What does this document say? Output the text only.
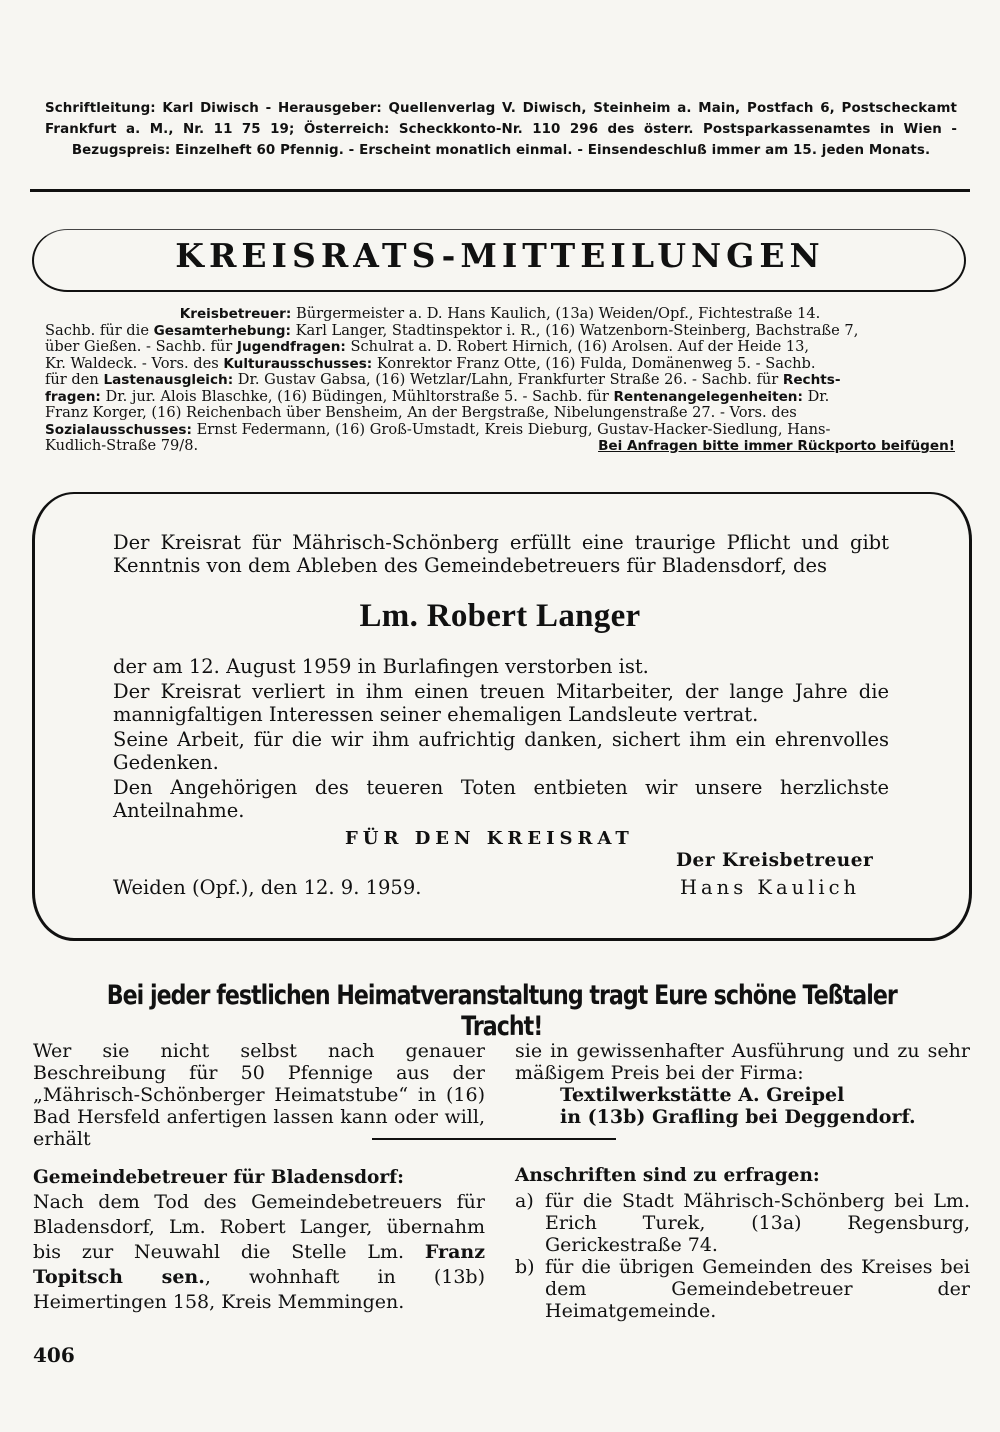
Schriftleitung: Karl Diwisch - Herausgeber: Quellenverlag V. Diwisch, Steinheim a. Main, Postfach 6, Postscheckamt Frankfurt a. M., Nr. 11 75 19; Österreich: Scheckkonto-Nr. 110 296 des österr. Postsparkassenamtes in Wien - Bezugspreis: Einzelheft 60 Pfennig. - Erscheint monatlich einmal. - Einsendeschluß immer am 15. jeden Monats.
KREISRATS-MITTEILUNGEN
Kreisbetreuer: Bürgermeister a. D. Hans Kaulich, (13a) Weiden/Opf., Fichtestraße 14.
Sachb. für die Gesamterhebung: Karl Langer, Stadtinspektor i. R., (16) Watzenborn-Steinberg, Bachstraße 7,
über Gießen. - Sachb. für Jugendfragen: Schulrat a. D. Robert Hirnich, (16) Arolsen. Auf der Heide 13,
Kr. Waldeck. - Vors. des Kulturausschusses: Konrektor Franz Otte, (16) Fulda, Domänenweg 5. - Sachb.
für den Lastenausgleich: Dr. Gustav Gabsa, (16) Wetzlar/Lahn, Frankfurter Straße 26. - Sachb. für Rechts-
fragen: Dr. jur. Alois Blaschke, (16) Büdingen, Mühltorstraße 5. - Sachb. für Rentenangelegenheiten: Dr.
Franz Korger, (16) Reichenbach über Bensheim, An der Bergstraße, Nibelungenstraße 27. - Vors. des
Sozialausschusses: Ernst Federmann, (16) Groß-Umstadt, Kreis Dieburg, Gustav-Hacker-Siedlung, Hans-
Kudlich-Straße 79/8.	Bei Anfragen bitte immer Rückporto beifügen!
Der Kreisrat für Mährisch-Schönberg erfüllt eine traurige Pflicht und gibt Kenntnis von dem Ableben des Gemeindebetreuers für Bladensdorf, des
Lm. Robert Langer
der am 12. August 1959 in Burlafingen verstorben ist.
Der Kreisrat verliert in ihm einen treuen Mitarbeiter, der lange Jahre die mannigfaltigen Interessen seiner ehemaligen Landsleute vertrat.
Seine Arbeit, für die wir ihm aufrichtig danken, sichert ihm ein ehrenvolles Gedenken.
Den Angehörigen des teueren Toten entbieten wir unsere herzlichste Anteilnahme.
FÜR DEN KREISRAT
Der Kreisbetreuer
Weiden (Opf.), den 12. 9. 1959.	Hans Kaulich
Bei jeder festlichen Heimatveranstaltung tragt Eure schöne Teßtaler Tracht!
Wer sie nicht selbst nach genauer Beschreibung für 50 Pfennige aus der „Mährisch-Schönberger Heimatstube“ in (16) Bad Hersfeld anfertigen lassen kann oder will, erhält
sie in gewissenhafter Ausführung und zu sehr mäßigem Preis bei der Firma:
Textilwerkstätte A. Greipel
in (13b) Grafling bei Deggendorf.
Gemeindebetreuer für Bladensdorf:
Nach dem Tod des Gemeindebetreuers für Bladensdorf, Lm. Robert Langer, übernahm bis zur Neuwahl die Stelle Lm. Franz Topitsch sen., wohnhaft in (13b) Heimertingen 158, Kreis Memmingen.
Anschriften sind zu erfragen:
a) für die Stadt Mährisch-Schönberg bei Lm. Erich Turek, (13a) Regensburg, Gerickestraße 74.
b) für die übrigen Gemeinden des Kreises bei dem Gemeindebetreuer der Heimatgemeinde.
406
